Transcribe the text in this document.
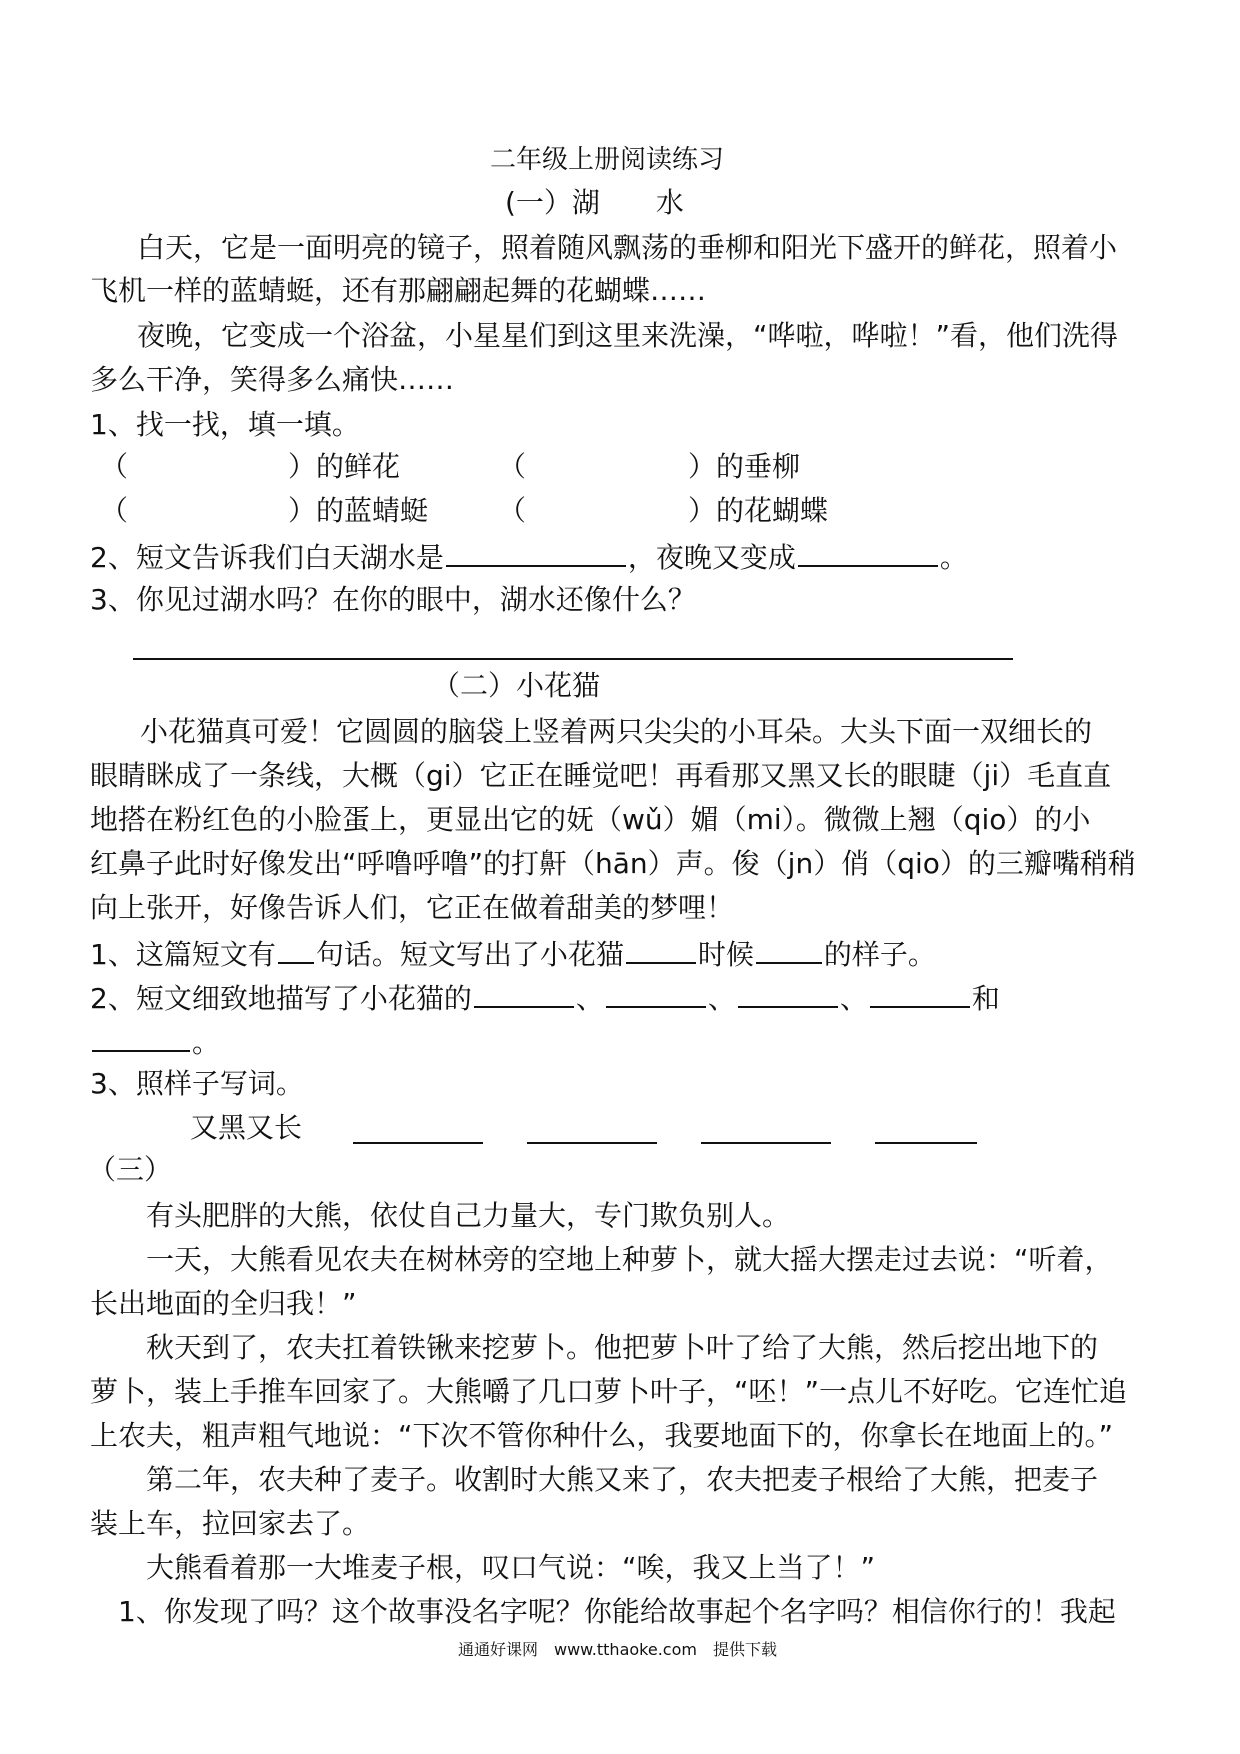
二年级上册阅读练习
(一）湖　　水
白天，它是一面明亮的镜子，照着随风飘荡的垂柳和阳光下盛开的鲜花，照着小
飞机一样的蓝蜻蜓，还有那翩翩起舞的花蝴蝶……
夜晚，它变成一个浴盆，小星星们到这里来洗澡，“哗啦，哗啦！”看，他们洗得
多么干净，笑得多么痛快……
1、找一找，填一填。
（	）的鲜花	（	）的垂柳
（	）的蓝蜻蜓 （	）的花蝴蝶
2、短文告诉我们白天湖水是	，夜晚又变成	。
3、你见过湖水吗？在你的眼中，湖水还像什么？
（二）小花猫
小花猫真可爱！它圆圆的脑袋上竖着两只尖尖的小耳朵。大头下面一双细长的
眼睛眯成了一条线，大概（gi）它正在睡觉吧！再看那又黑又长的眼睫（ji）毛直直
地搭在粉红色的小脸蛋上，更显出它的妩（wǔ）媚（mi）。微微上翘（qio）的小
红鼻子此时好像发出“呼噜呼噜”的打鼾（hān）声。俊（jn）俏（qio）的三瓣嘴稍稍
向上张开，好像告诉人们，它正在做着甜美的梦哩！
1、这篇短文有 句话。短文写出了小花猫	时候	的样子。
2、短文细致地描写了小花猫的	、	、	、	和
。
3、照样子写词。
又黑又长
（三）
有头肥胖的大熊，依仗自己力量大，专门欺负别人。
一天，大熊看见农夫在树林旁的空地上种萝卜，就大摇大摆走过去说：“听着，
长出地面的全归我！”
秋天到了，农夫扛着铁锹来挖萝卜。他把萝卜叶了给了大熊，然后挖出地下的
萝卜，装上手推车回家了。大熊嚼了几口萝卜叶子，“呸！”一点儿不好吃。它连忙追
上农夫，粗声粗气地说：“下次不管你种什么，我要地面下的，你拿长在地面上的。”
第二年，农夫种了麦子。收割时大熊又来了，农夫把麦子根给了大熊，把麦子
装上车，拉回家去了。
大熊看着那一大堆麦子根，叹口气说：“唉，我又上当了！”
1、你发现了吗？这个故事没名字呢？你能给故事起个名字吗？相信你行的！我起
通通好课网　www.tthaoke.com　提供下载
